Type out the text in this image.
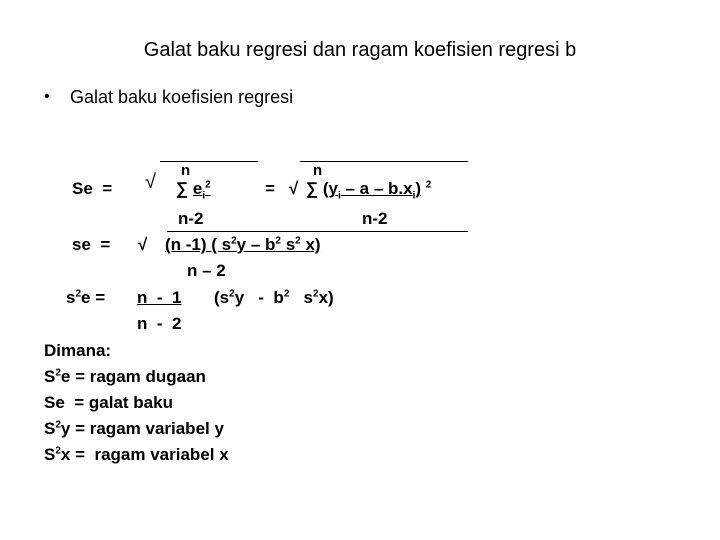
Galat baku regresi dan ragam koefisien regresi b
• Galat baku koefisien regresi
Se  = √
n
∑ $e_i^2$
n-2
= √
n
∑ ($y_i$ – a – $b.x_i$) $^2$
n-2
se  = √ (n -1) ( $s^2y - b^2$ $s^2$ x)
n – 2
$s^2e = n - 1$
n  -  2
($s^2y - b^2$   $s^2x$)
Dimana:
$S^2e$ = ragam dugaan
Se  = galat baku
$S^2y$ = ragam variabel y
$S^2x$ =  ragam variabel x
